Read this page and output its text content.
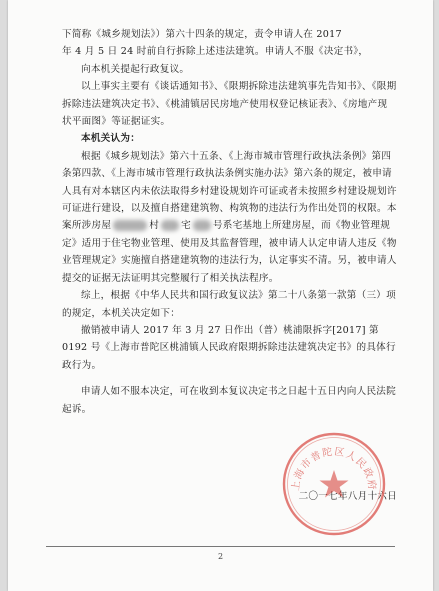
下简称《城乡规划法》）第六十四条的规定，责令申请人在 2017

年 4 月 5 日 24 时前自行拆除上述违法建筑。申请人不服《决定书》，

向本机关提起行政复议。

以上事实主要有《谈话通知书》、《限期拆除违法建筑事先告知书》、《限期拆除违法建筑决定书》、《桃浦镇居民房地产使用权登记核证表》、《房地产现状平面图》等证据证实。

本机关认为：

根据《城乡规划法》第六十五条、《上海市城市管理行政执法条例》第四条第四款、《上海市城市管理行政执法条例实施办法》第六条的规定，被申请人具有对本辖区内未依法取得乡村建设规划许可证或者未按照乡村建设规划许可证进行建设，以及擅自搭建建筑物、构筑物的违法行为作出处罚的权限。本案所涉房屋	村 宅 号系宅基地上所建房屋，而《物业管理规定》适用于住宅物业管理、使用及其监督管理，被申请人认定申请人违反《物业管理规定》实施擅自搭建建筑物的违法行为，认定事实不清。另，被申请人提交的证据无法证明其完整履行了相关执法程序。

综上，根据《中华人民共和国行政复议法》第二十八条第一款第（三）项的规定，本机关决定如下：

撤销被申请人 2017 年 3 月 27 日作出（普）桃浦限拆字[2017] 第 0192 号《上海市普陀区桃浦镇人民政府限期拆除违法建筑决定书》的具体行政行为。

申请人如不服本决定，可在收到本复议决定书之日起十五日内向人民法院起诉。

二〇一七年八月十六日
上海市普陀区人民政府
2
